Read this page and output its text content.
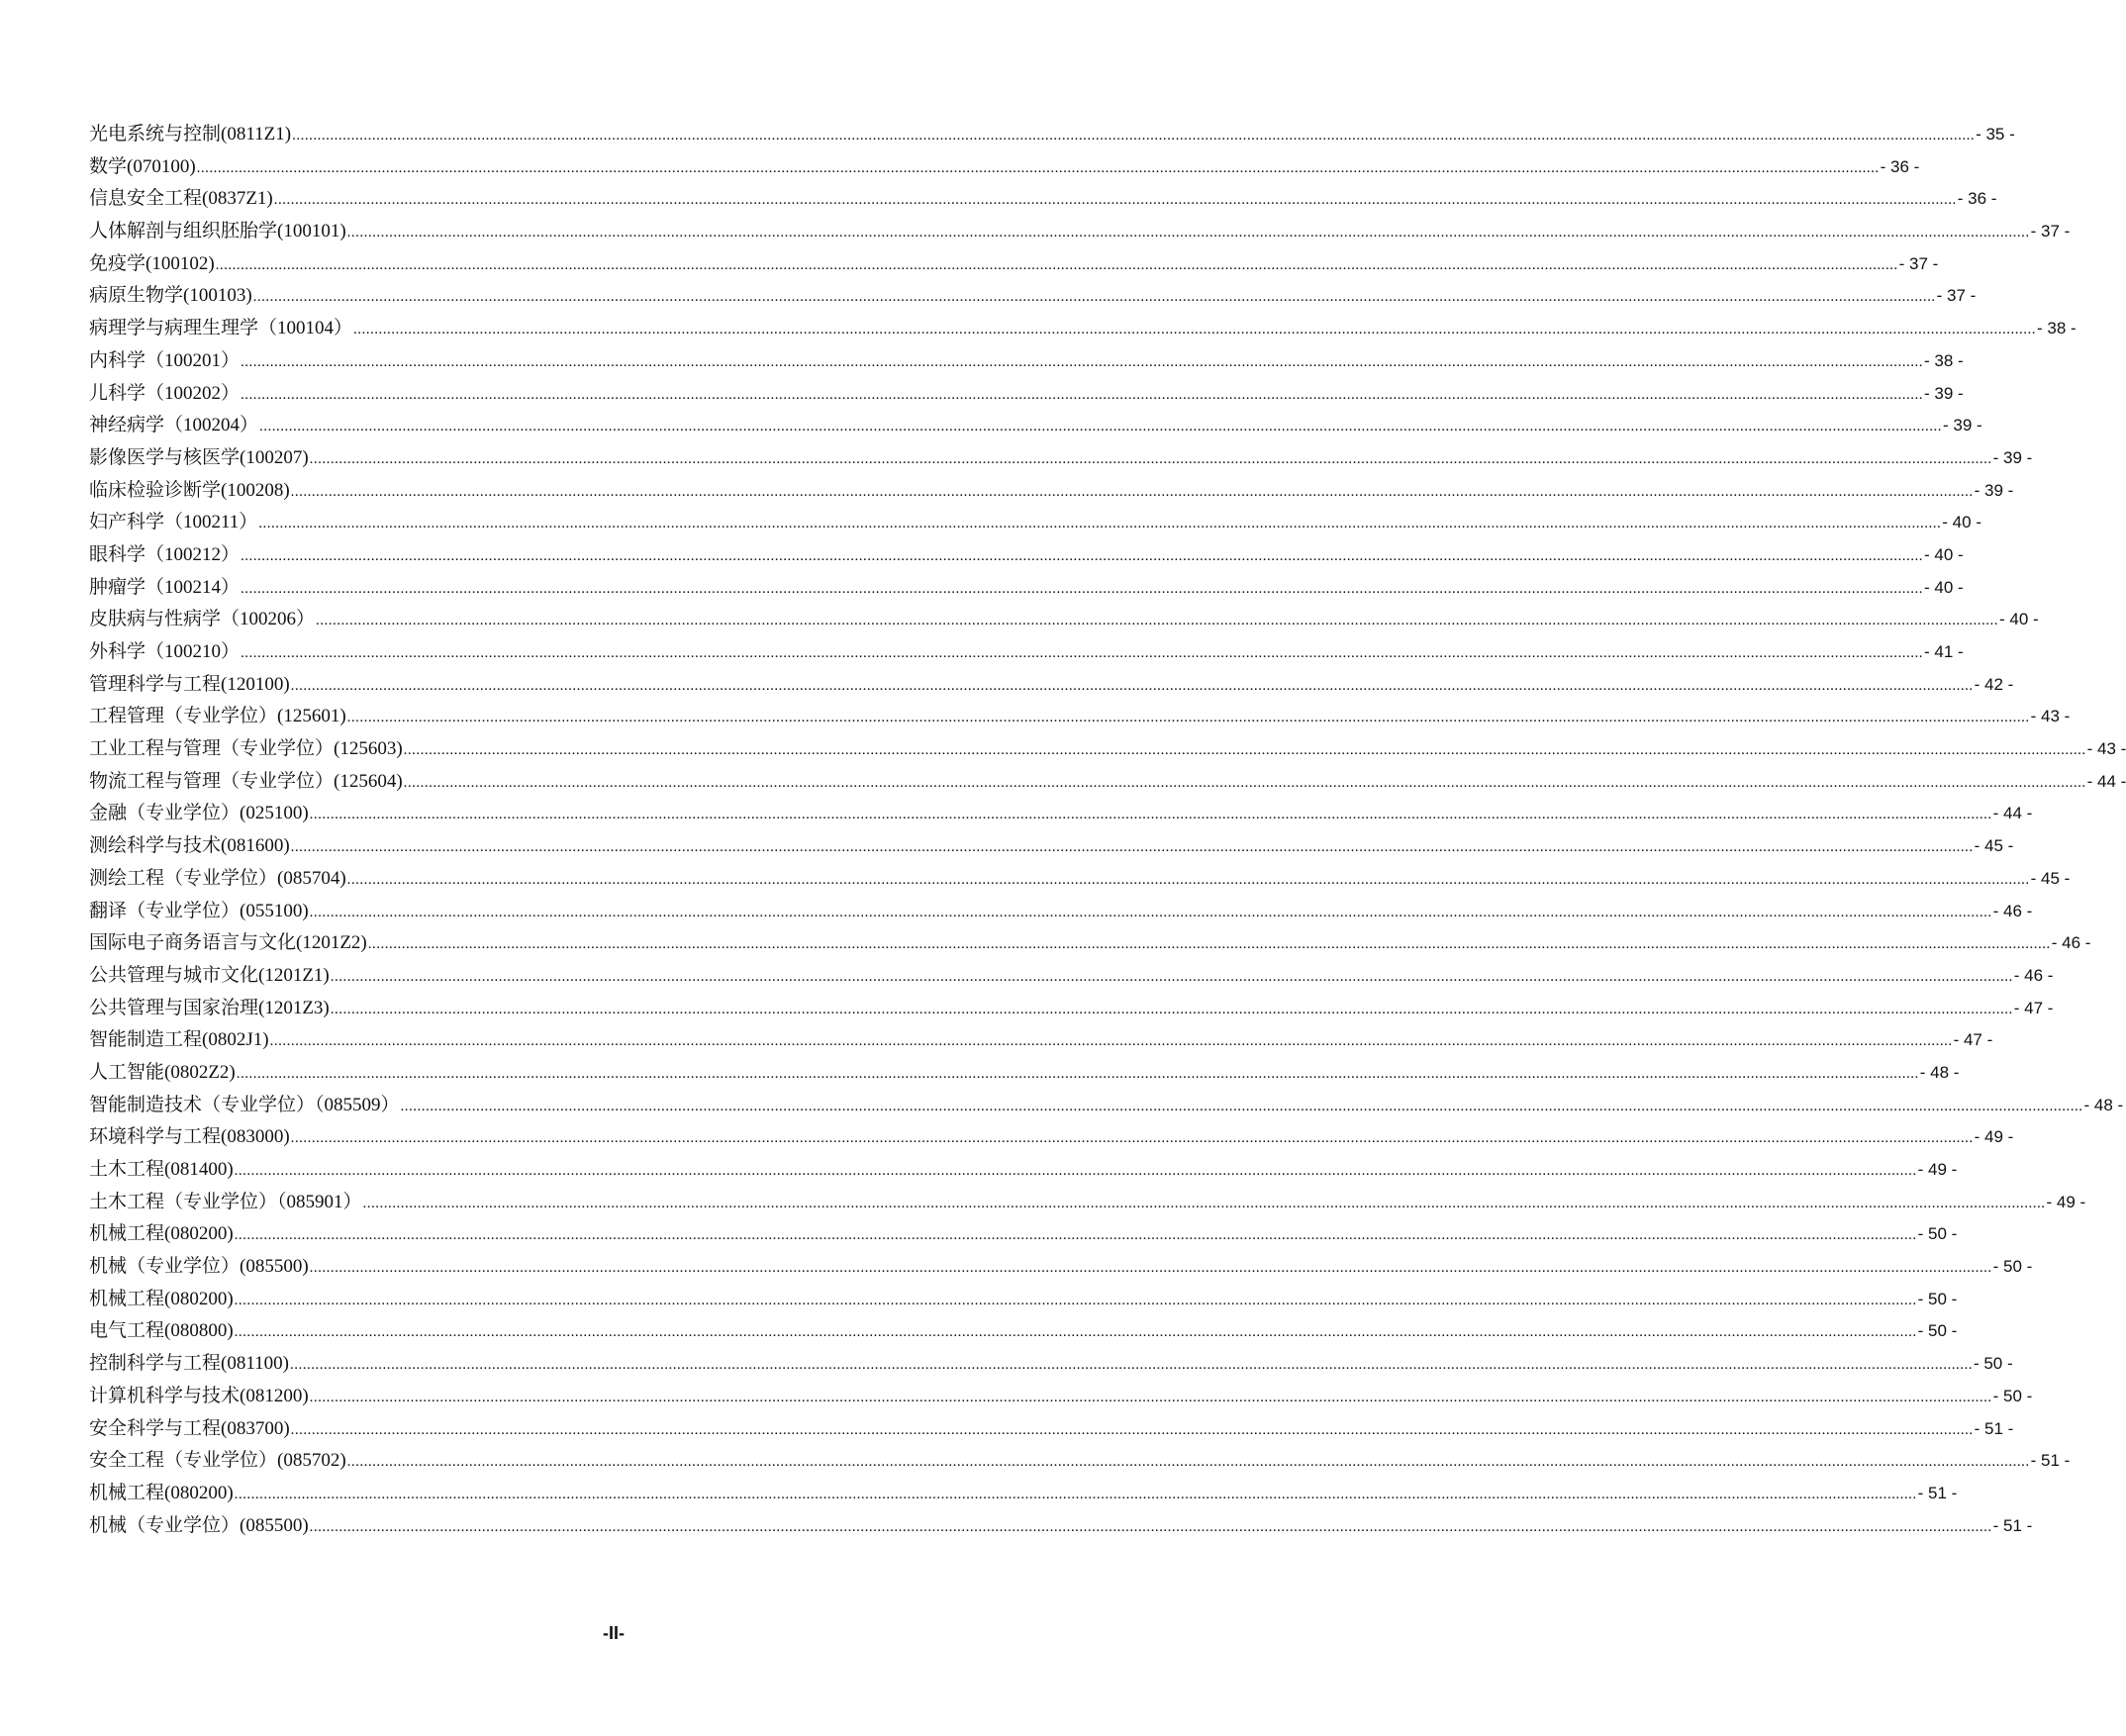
光电系统与控制(0811Z1) ................................................................................................................................................................................................................................................................................................................................................................................................................ - 35 -
数学(070100) ................................................................................................................................................................................................................................................................................................................................................................................................................ - 36 -
信息安全工程(0837Z1) ................................................................................................................................................................................................................................................................................................................................................................................................................ - 36 -
人体解剖与组织胚胎学(100101) ................................................................................................................................................................................................................................................................................................................................................................................................................ - 37 -
免疫学(100102) ................................................................................................................................................................................................................................................................................................................................................................................................................ - 37 -
病原生物学(100103) ................................................................................................................................................................................................................................................................................................................................................................................................................ - 37 -
病理学与病理生理学（100104） ................................................................................................................................................................................................................................................................................................................................................................................................................ - 38 -
内科学（100201） ................................................................................................................................................................................................................................................................................................................................................................................................................ - 38 -
儿科学（100202） ................................................................................................................................................................................................................................................................................................................................................................................................................ - 39 -
神经病学（100204） ................................................................................................................................................................................................................................................................................................................................................................................................................ - 39 -
影像医学与核医学(100207) ................................................................................................................................................................................................................................................................................................................................................................................................................ - 39 -
临床检验诊断学(100208) ................................................................................................................................................................................................................................................................................................................................................................................................................ - 39 -
妇产科学（100211） ................................................................................................................................................................................................................................................................................................................................................................................................................ - 40 -
眼科学（100212） ................................................................................................................................................................................................................................................................................................................................................................................................................ - 40 -
肿瘤学（100214） ................................................................................................................................................................................................................................................................................................................................................................................................................ - 40 -
皮肤病与性病学（100206） ................................................................................................................................................................................................................................................................................................................................................................................................................ - 40 -
外科学（100210） ................................................................................................................................................................................................................................................................................................................................................................................................................ - 41 -
管理科学与工程(120100) ................................................................................................................................................................................................................................................................................................................................................................................................................ - 42 -
工程管理（专业学位）(125601) ................................................................................................................................................................................................................................................................................................................................................................................................................ - 43 -
工业工程与管理（专业学位）(125603) ................................................................................................................................................................................................................................................................................................................................................................................................................ - 43 -
物流工程与管理（专业学位）(125604) ................................................................................................................................................................................................................................................................................................................................................................................................................ - 44 -
金融（专业学位）(025100) ................................................................................................................................................................................................................................................................................................................................................................................................................ - 44 -
测绘科学与技术(081600) ................................................................................................................................................................................................................................................................................................................................................................................................................ - 45 -
测绘工程（专业学位）(085704) ................................................................................................................................................................................................................................................................................................................................................................................................................ - 45 -
翻译（专业学位）(055100) ................................................................................................................................................................................................................................................................................................................................................................................................................ - 46 -
国际电子商务语言与文化(1201Z2) ................................................................................................................................................................................................................................................................................................................................................................................................................ - 46 -
公共管理与城市文化(1201Z1) ................................................................................................................................................................................................................................................................................................................................................................................................................ - 46 -
公共管理与国家治理(1201Z3) ................................................................................................................................................................................................................................................................................................................................................................................................................ - 47 -
智能制造工程(0802J1) ................................................................................................................................................................................................................................................................................................................................................................................................................ - 47 -
人工智能(0802Z2) ................................................................................................................................................................................................................................................................................................................................................................................................................ - 48 -
智能制造技术（专业学位）（085509） ................................................................................................................................................................................................................................................................................................................................................................................................................ - 48 -
环境科学与工程(083000) ................................................................................................................................................................................................................................................................................................................................................................................................................ - 49 -
土木工程(081400) ................................................................................................................................................................................................................................................................................................................................................................................................................ - 49 -
土木工程（专业学位）（085901） ................................................................................................................................................................................................................................................................................................................................................................................................................ - 49 -
机械工程(080200) ................................................................................................................................................................................................................................................................................................................................................................................................................ - 50 -
机械（专业学位）(085500) ................................................................................................................................................................................................................................................................................................................................................................................................................ - 50 -
机械工程(080200) ................................................................................................................................................................................................................................................................................................................................................................................................................ - 50 -
电气工程(080800) ................................................................................................................................................................................................................................................................................................................................................................................................................ - 50 -
控制科学与工程(081100) ................................................................................................................................................................................................................................................................................................................................................................................................................ - 50 -
计算机科学与技术(081200) ................................................................................................................................................................................................................................................................................................................................................................................................................ - 50 -
安全科学与工程(083700) ................................................................................................................................................................................................................................................................................................................................................................................................................ - 51 -
安全工程（专业学位）(085702) ................................................................................................................................................................................................................................................................................................................................................................................................................ - 51 -
机械工程(080200) ................................................................................................................................................................................................................................................................................................................................................................................................................ - 51 -
机械（专业学位）(085500) ................................................................................................................................................................................................................................................................................................................................................................................................................ - 51 -
-II-
